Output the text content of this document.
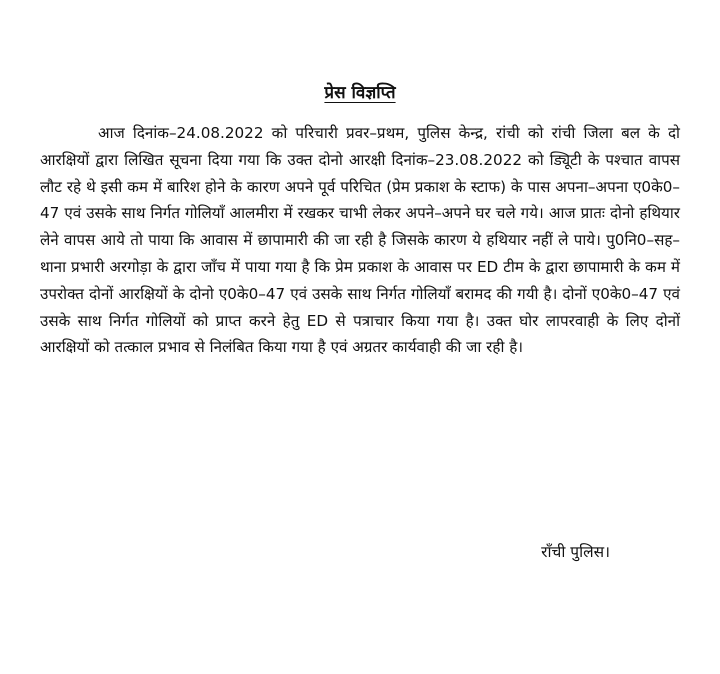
प्रेस विज्ञप्ति

आज दिनांक–24.08.2022 को परिचारी प्रवर–प्रथम, पुलिस केन्द्र, रांची को रांची जिला बल के दो आरक्षियों द्वारा लिखित सूचना दिया गया कि उक्त दोनो आरक्षी दिनांक–23.08.2022 को ड्यिूटी के पश्चात वापस लौट रहे थे इसी कम में बारिश होने के कारण अपने पूर्व परिचित (प्रेम प्रकाश के स्टाफ) के पास अपना–अपना ए0के0–47 एवं उसके साथ निर्गत गोलियाँ आलमीरा में रखकर चाभी लेकर अपने–अपने घर चले गये। आज प्रातः दोनो हथियार लेने वापस आये तो पाया कि आवास में छापामारी की जा रही है जिसके कारण ये हथियार नहीं ले पाये। पु0नि0–सह–थाना प्रभारी अरगोड़ा के द्वारा जाँच में पाया गया है कि प्रेम प्रकाश के आवास पर ED टीम के द्वारा छापामारी के कम में उपरोक्त दोनों आरक्षियों के दोनो ए0के0–47 एवं उसके साथ निर्गत गोलियाँ बरामद की गयी है। दोनों ए0के0–47 एवं उसके साथ निर्गत गोलियों को प्राप्त करने हेतु ED से पत्राचार किया गया है। उक्त घोर लापरवाही के लिए दोनों आरक्षियों को तत्काल प्रभाव से निलंबित किया गया है एवं अग्रतर कार्यवाही की जा रही है।

राँची पुलिस।
